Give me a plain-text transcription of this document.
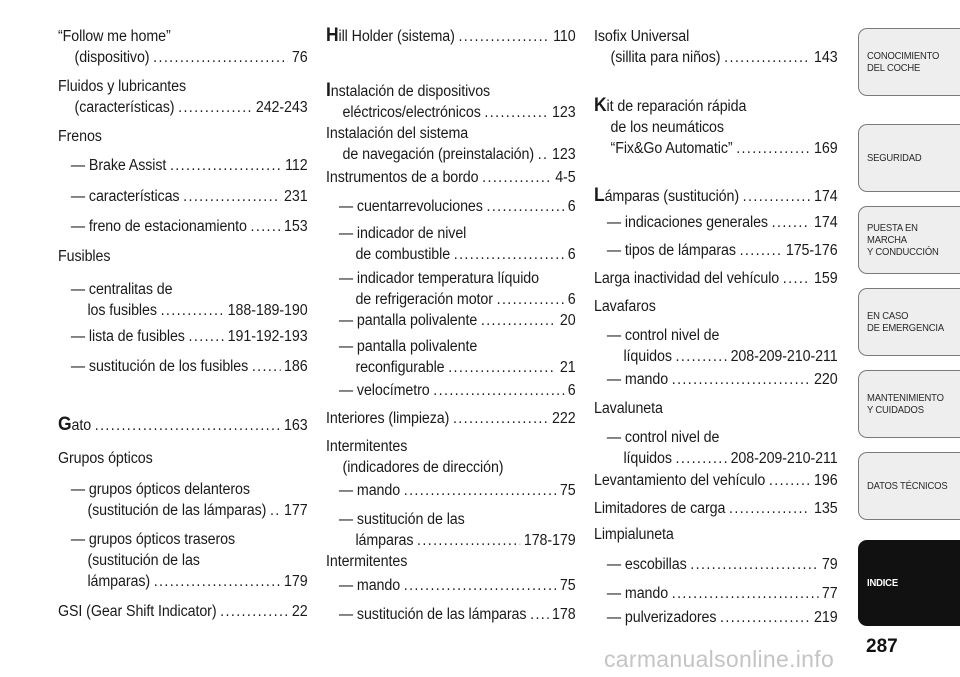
“Follow me home”
(dispositivo) .....	76
Fluidos y lubricantes
(características) .....	242-243
Frenos
— Brake Assist .....	112
— características .....	231
— freno de estacionamiento ..... 153
Fusibles
— centralitas de
los fusibles .....	188-189-190
— lista de fusibles .....	191-192-193
— sustitución de los fusibles ..... 186
Gato .....	163
Grupos ópticos
— grupos ópticos delanteros
(sustitución de las lámparas) ..... 177
— grupos ópticos traseros
(sustitución de las
lámparas) .....	179
GSI (Gear Shift Indicator) .....	22
Hill Holder (sistema) .....	110
Instalación de dispositivos
eléctricos/electrónicos .....	123
Instalación del sistema
de navegación (preinstalación) ..... 123
Instrumentos de a bordo .....	4-5
— cuentarrevoluciones .....	6
— indicador de nivel
de combustible .....	6
— indicador temperatura líquido
de refrigeración motor .....	6
— pantalla polivalente .....	20
— pantalla polivalente
reconfigurable .....	21
— velocímetro .....	6
Interiores (limpieza) .....	222
Intermitentes
(indicadores de dirección)
— mando .....	75
— sustitución de las
lámparas .....	178-179
Intermitentes
— mando .....	75
— sustitución de las lámparas ..... 178
Isofix Universal
(sillita para niños) .....	143
Kit de reparación rápida
de los neumáticos
“Fix&Go Automatic” .....	169
Lámparas (sustitución) .....	174
— indicaciones generales .....	174
— tipos de lámparas .....	175-176
Larga inactividad del vehículo ..... 159
Lavafaros
— control nivel de
líquidos .....	208-209-210-211
— mando .....	220
Lavaluneta
— control nivel de
líquidos .....	208-209-210-211
Levantamiento del vehículo .....	196
Limitadores de carga .....	135
Limpialuneta
— escobillas .....	79
— mando .....	77
— pulverizadores .....	219
CONOCIMIENTO
DEL COCHE
SEGURIDAD
PUESTA EN MARCHA
Y CONDUCCIÓN
EN CASO
DE EMERGENCIA
MANTENIMIENTO
Y CUIDADOS
DATOS TÉCNICOS
INDICE
287
carmanualsonline.info
